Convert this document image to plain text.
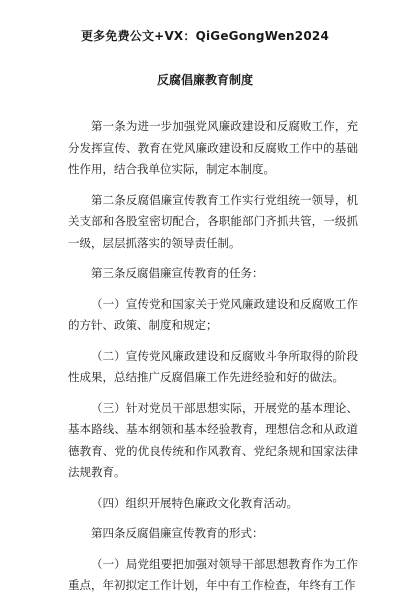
更多免费公文+VX：QiGeGongWen2024
反腐倡廉教育制度

第一条为进一步加强党风廉政建设和反腐败工作，充分发挥宣传、教育在党风廉政建设和反腐败工作中的基础性作用，结合我单位实际，制定本制度。

第二条反腐倡廉宣传教育工作实行党组统一领导，机关支部和各股室密切配合，各职能部门齐抓共管，一级抓一级，层层抓落实的领导责任制。

第三条反腐倡廉宣传教育的任务：

（一）宣传党和国家关于党风廉政建设和反腐败工作的方针、政策、制度和规定；

（二）宣传党风廉政建设和反腐败斗争所取得的阶段性成果，总结推广反腐倡廉工作先进经验和好的做法。

（三）针对党员干部思想实际，开展党的基本理论、基本路线、基本纲领和基本经验教育，理想信念和从政道德教育、党的优良传统和作风教育、党纪条规和国家法律法规教育。

（四）组织开展特色廉政文化教育活动。

第四条反腐倡廉宣传教育的形式：

（一）局党组要把加强对领导干部思想教育作为工作重点，年初拟定工作计划，年中有工作检查，年终有工作
